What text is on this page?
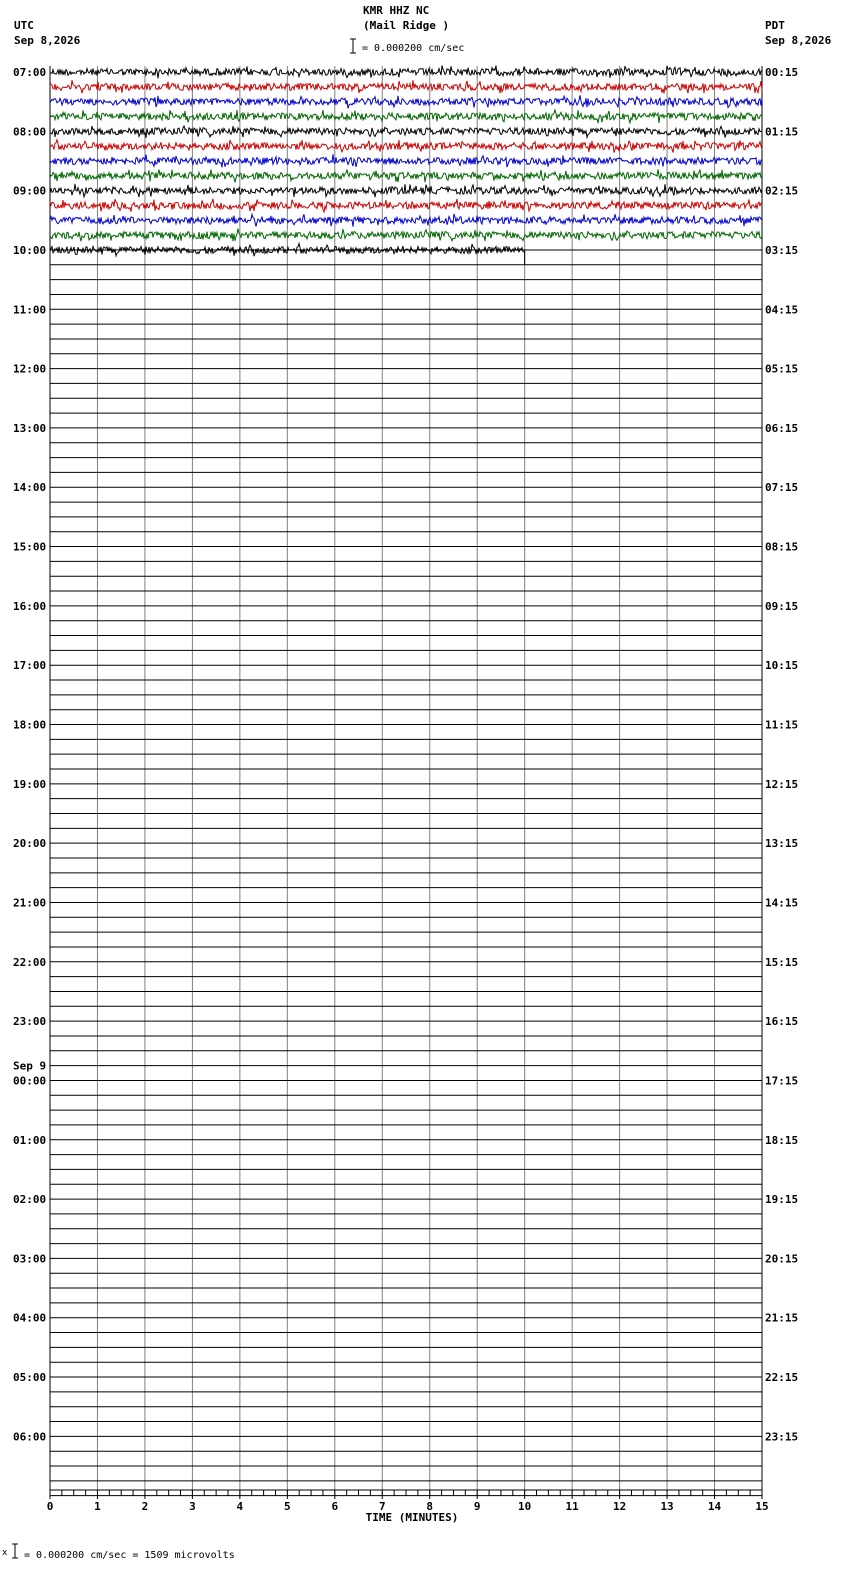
KMR HHZ NC
(Mail Ridge )
UTC
Sep 8,2026
PDT
Sep 8,2026
= 0.000200 cm/sec
07:00
08:00
09:00
10:00
11:00
12:00
13:00
14:00
15:00
16:00
17:00
18:00
19:00
20:00
21:00
22:00
23:00
00:00
01:00
02:00
03:00
04:00
05:00
06:00
Sep 9
00:15
01:15
02:15
03:15
04:15
05:15
06:15
07:15
08:15
09:15
10:15
11:15
12:15
13:15
14:15
15:15
16:15
17:15
18:15
19:15
20:15
21:15
22:15
23:15
0	1	2	3	4	5	6	7	8	9	10	11	12	13	14	15
TIME (MINUTES)
x = 0.000200 cm/sec = 1509 microvolts
